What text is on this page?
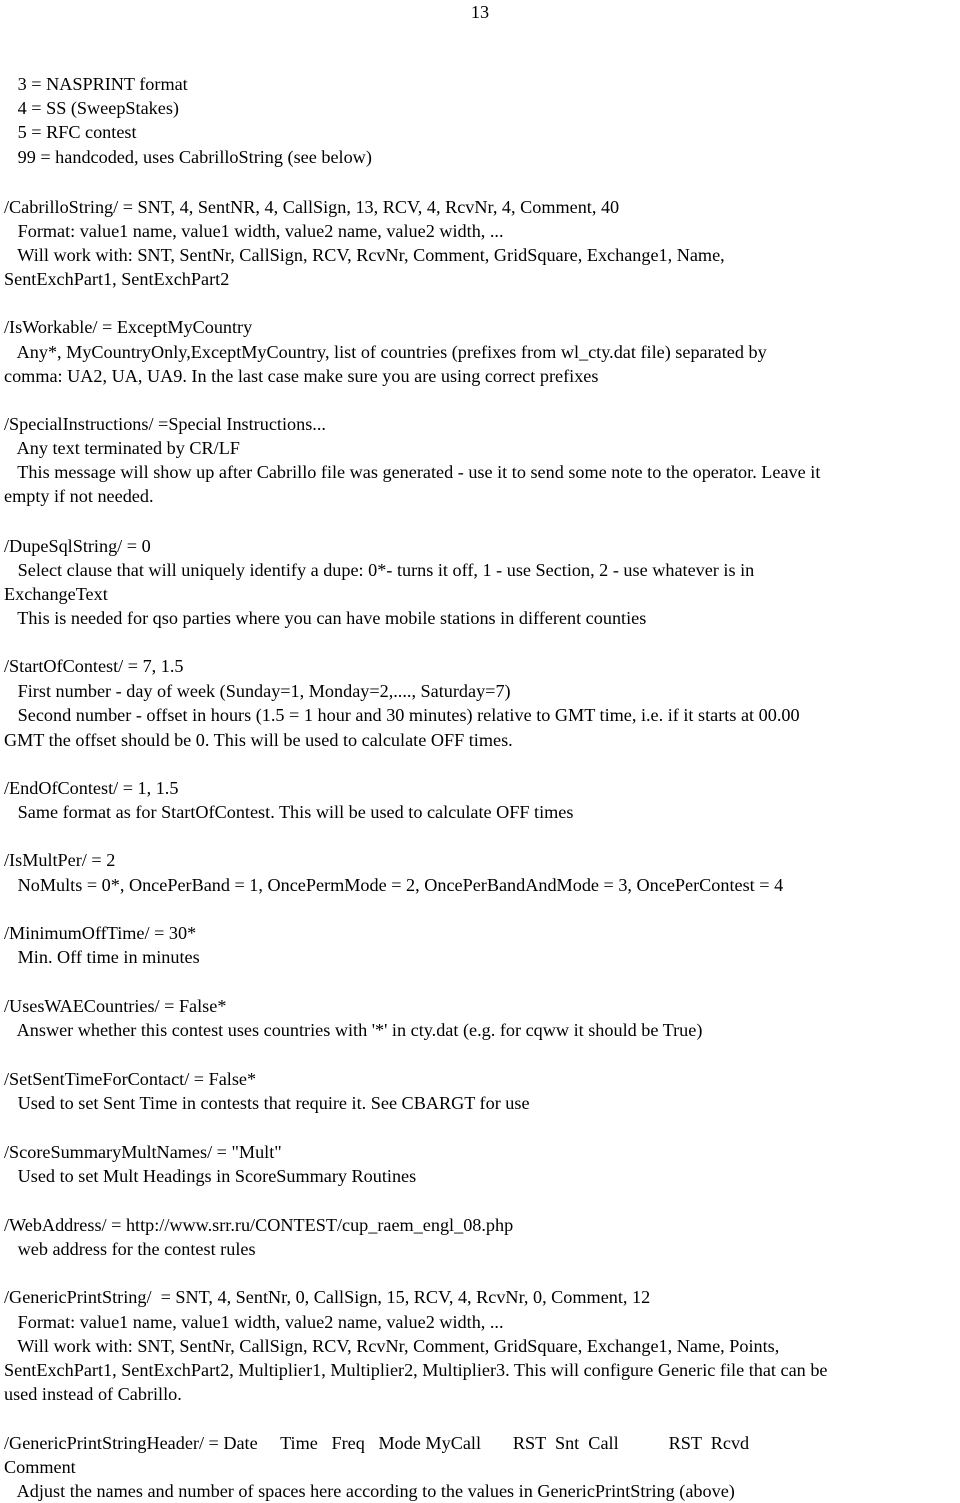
13
3 = NASPRINT format
4 = SS (SweepStakes)
5 = RFC contest
99 = handcoded, uses CabrilloString (see below)
/CabrilloString/ = SNT, 4, SentNR, 4, CallSign, 13, RCV, 4, RcvNr, 4, Comment, 40
Format: value1 name, value1 width, value2 name, value2 width, ...
Will work with: SNT, SentNr, CallSign, RCV, RcvNr, Comment, GridSquare, Exchange1, Name,
SentExchPart1, SentExchPart2
/IsWorkable/ = ExceptMyCountry
Any*, MyCountryOnly,ExceptMyCountry, list of countries (prefixes from wl_cty.dat file) separated by
comma: UA2, UA, UA9. In the last case make sure you are using correct prefixes
/SpecialInstructions/ =Special Instructions...
Any text terminated by CR/LF
This message will show up after Cabrillo file was generated - use it to send some note to the operator. Leave it
empty if not needed.
/DupeSqlString/ = 0
Select clause that will uniquely identify a dupe: 0*- turns it off, 1 - use Section, 2 - use whatever is in
ExchangeText
This is needed for qso parties where you can have mobile stations in different counties
/StartOfContest/ = 7, 1.5
First number - day of week (Sunday=1, Monday=2,...., Saturday=7)
Second number - offset in hours (1.5 = 1 hour and 30 minutes) relative to GMT time, i.e. if it starts at 00.00
GMT the offset should be 0. This will be used to calculate OFF times.
/EndOfContest/ = 1, 1.5
Same format as for StartOfContest. This will be used to calculate OFF times
/IsMultPer/ = 2
NoMults = 0*, OncePerBand = 1, OncePermMode = 2, OncePerBandAndMode = 3, OncePerContest = 4
/MinimumOffTime/ = 30*
Min. Off time in minutes
/UsesWAECountries/ = False*
Answer whether this contest uses countries with '*' in cty.dat (e.g. for cqww it should be True)
/SetSentTimeForContact/ = False*
Used to set Sent Time in contests that require it. See CBARGT for use
/ScoreSummaryMultNames/ = "Mult"
Used to set Mult Headings in ScoreSummary Routines
/WebAddress/ = http://www.srr.ru/CONTEST/cup_raem_engl_08.php
web address for the contest rules
/GenericPrintString/  = SNT, 4, SentNr, 0, CallSign, 15, RCV, 4, RcvNr, 0, Comment, 12
Format: value1 name, value1 width, value2 name, value2 width, ...
Will work with: SNT, SentNr, CallSign, RCV, RcvNr, Comment, GridSquare, Exchange1, Name, Points,
SentExchPart1, SentExchPart2, Multiplier1, Multiplier2, Multiplier3. This will configure Generic file that can be
used instead of Cabrillo.
/GenericPrintStringHeader/ = Date     Time   Freq   Mode MyCall       RST  Snt  Call           RST  Rcvd
Comment
Adjust the names and number of spaces here according to the values in GenericPrintString (above)
